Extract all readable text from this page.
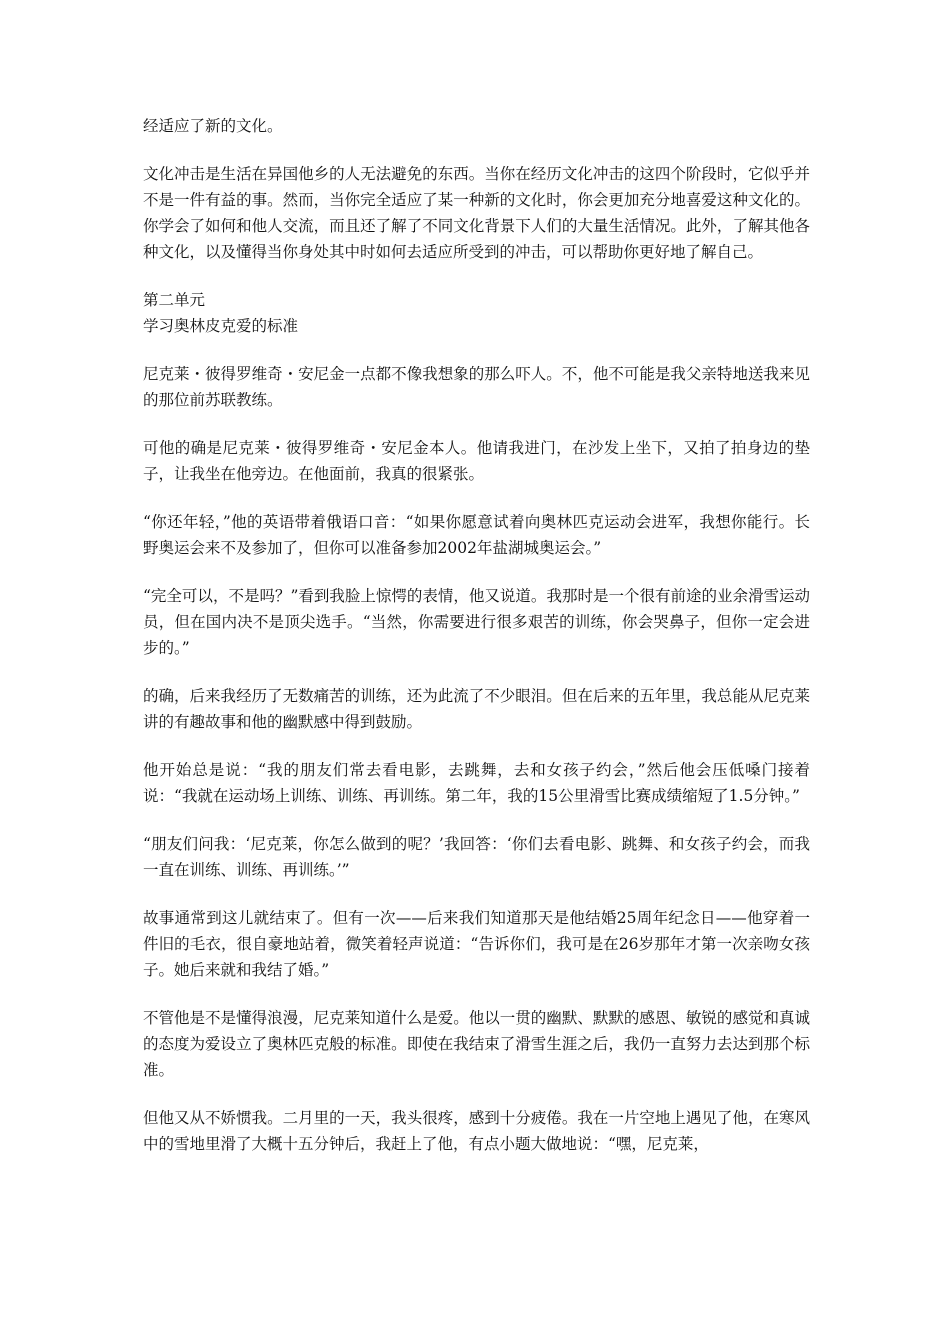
经适应了新的文化。

文化冲击是生活在异国他乡的人无法避免的东西。当你在经历文化冲击的这四个阶段时，它似乎并不是一件有益的事。然而，当你完全适应了某一种新的文化时，你会更加充分地喜爱这种文化的。你学会了如何和他人交流，而且还了解了不同文化背景下人们的大量生活情况。此外，了解其他各种文化，以及懂得当你身处其中时如何去适应所受到的冲击，可以帮助你更好地了解自己。

第二单元
学习奥林皮克爱的标准

尼克莱・彼得罗维奇・安尼金一点都不像我想象的那么吓人。不，他不可能是我父亲特地送我来见的那位前苏联教练。

可他的确是尼克莱・彼得罗维奇・安尼金本人。他请我进门，在沙发上坐下，又拍了拍身边的垫子，让我坐在他旁边。在他面前，我真的很紧张。

“你还年轻，”他的英语带着俄语口音：“如果你愿意试着向奥林匹克运动会进军，我想你能行。长野奥运会来不及参加了，但你可以准备参加2002年盐湖城奥运会。”

“完全可以，不是吗？”看到我脸上惊愕的表情，他又说道。我那时是一个很有前途的业余滑雪运动员，但在国内决不是顶尖选手。“当然，你需要进行很多艰苦的训练，你会哭鼻子，但你一定会进步的。”

的确，后来我经历了无数痛苦的训练，还为此流了不少眼泪。但在后来的五年里，我总能从尼克莱讲的有趣故事和他的幽默感中得到鼓励。

他开始总是说：“我的朋友们常去看电影，去跳舞，去和女孩子约会，”然后他会压低嗓门接着说：“我就在运动场上训练、训练、再训练。第二年，我的15公里滑雪比赛成绩缩短了1.5分钟。”

“朋友们问我：‘尼克莱，你怎么做到的呢？’我回答：‘你们去看电影、跳舞、和女孩子约会，而我一直在训练、训练、再训练。’”

故事通常到这儿就结束了。但有一次——后来我们知道那天是他结婚25周年纪念日——他穿着一件旧的毛衣，很自豪地站着，微笑着轻声说道：“告诉你们，我可是在26岁那年才第一次亲吻女孩子。她后来就和我结了婚。”

不管他是不是懂得浪漫，尼克莱知道什么是爱。他以一贯的幽默、默默的感恩、敏锐的感觉和真诚的态度为爱设立了奥林匹克般的标准。即使在我结束了滑雪生涯之后，我仍一直努力去达到那个标准。

但他又从不娇惯我。二月里的一天，我头很疼，感到十分疲倦。我在一片空地上遇见了他，在寒风中的雪地里滑了大概十五分钟后，我赶上了他，有点小题大做地说：“嘿，尼克莱，
